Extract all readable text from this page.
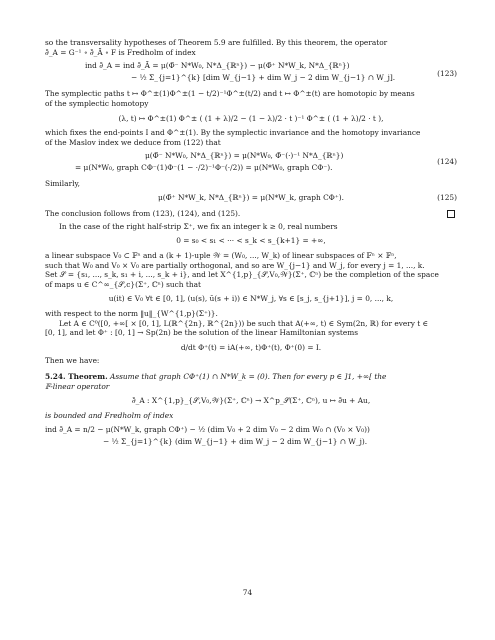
so the transversality hypotheses of Theorem 5.9 are fulfilled. By this theorem, the operator

∂̄_A = G⁻¹ ∘ ∂̄_Ā ∘ F is Fredholm of index

ind ∂̄_A = ind ∂̄_Ā = μ(Φ̄⁻ N*W₀, N*Δ_{ℝⁿ}) − μ(Φ̄⁺ N*W_k, N*Δ_{ℝⁿ})
− ½ Σ_{j=1}^{k} [dim W_{j−1} + dim W_j − 2 dim W_{j−1} ∩ W_j].	(123)

The symplectic paths t ↦ Φ^±(1)Φ^±(1 − t/2)⁻¹Φ^±(t/2) and t ↦ Φ^±(t) are homotopic by means

of the symplectic homotopy

(λ, t) ↦ Φ^±(1) Φ^± ( (1 + λ)/2 − (1 − λ)/2 · t )⁻¹ Φ^± ( (1 + λ)/2 · t ),

which fixes the end-points I and Φ^±(1). By the symplectic invariance and the homotopy invariance

of the Maslov index we deduce from (122) that

μ(Φ̄⁻ N*W₀, N*Δ_{ℝⁿ}) = μ(N*W₀, Φ̄⁻(·)⁻¹ N*Δ_{ℝⁿ})
= μ(N*W₀, graph CΦ⁻(1)Φ⁻(1 − ·/2)⁻¹Φ⁻(·/2)) = μ(N*W₀, graph CΦ⁻).
(124)

Similarly,

μ(Φ̄⁺ N*W_k, N*Δ_{ℝⁿ}) = μ(N*W_k, graph CΦ⁺).	(125)

The conclusion follows from (123), (124), and (125).

In the case of the right half-strip Σ⁺, we fix an integer k ≥ 0, real numbers

0 = s₀ < s₁ < ··· < s_k < s_{k+1} = +∞,

a linear subspace V₀ ⊂ 𝔽ⁿ and a (k + 1)-uple 𝒲 = (W₀, ..., W_k) of linear subspaces of 𝔽ⁿ × 𝔽ⁿ,

such that W₀ and V₀ × V₀ are partially orthogonal, and so are W_{j−1} and W_j, for every j = 1, ..., k.

Set 𝒮 = {s₁, ..., s_k, s₁ + i, ..., s_k + i}, and let X^{1,p}_{𝒮,V₀,𝒲}(Σ⁺, ℂⁿ) be the completion of the space

of maps u ∈ C^∞_{𝒮,c}(Σ⁺, ℂⁿ) such that

u(it) ∈ V₀ ∀t ∈ [0, 1], (u(s), ū(s + i)) ∈ N*W_j, ∀s ∈ [s_j, s_{j+1}], j = 0, ..., k,

with respect to the norm ‖u‖_{W^{1,p}(Σ⁺)}.

Let A ∈ C⁰([0, +∞[ × [0, 1], L(ℝ^{2n}, ℝ^{2n})) be such that A(+∞, t) ∈ Sym(2n, ℝ) for every t ∈

[0, 1], and let Φ⁺ : [0, 1] → Sp(2n) be the solution of the linear Hamiltonian systems

d/dt Φ⁺(t) = iA(+∞, t)Φ⁺(t), Φ⁺(0) = I.

Then we have:

5.24. Theorem. Assume that graph CΦ⁺(1) ∩ N*W_k = (0). Then for every p ∈ ]1, +∞[ the

𝔽-linear operator

∂̄_A : X^{1,p}_{𝒮,V₀,𝒲}(Σ⁺, ℂⁿ) → X^p_𝒮(Σ⁺, ℂⁿ), u ↦ ∂̄u + Au,

is bounded and Fredholm of index

ind ∂̄_A = n/2 − μ(N*W_k, graph CΦ⁺) − ½ (dim V₀ + 2 dim V₀ − 2 dim W₀ ∩ (V₀ × V₀))
− ½ Σ_{j=1}^{k} (dim W_{j−1} + dim W_j − 2 dim W_{j−1} ∩ W_j).
74
